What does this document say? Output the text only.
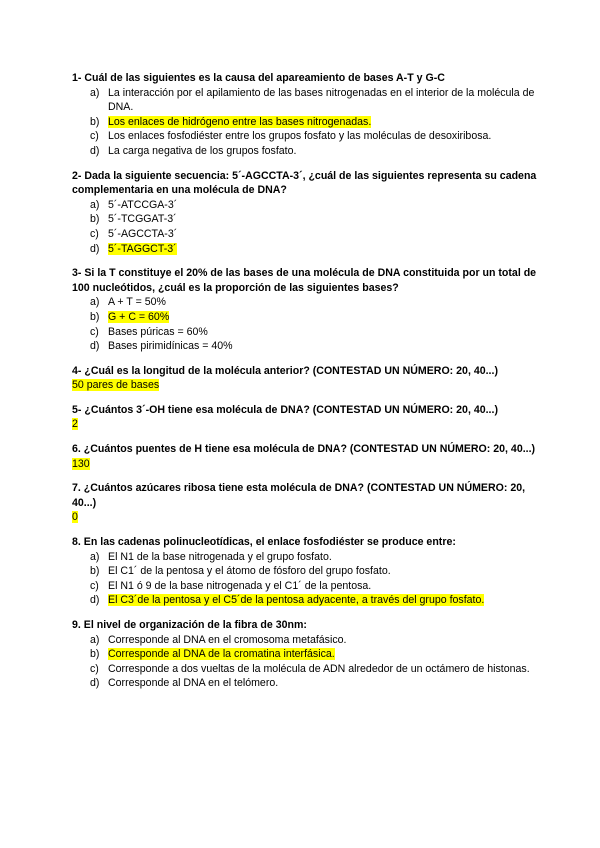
1- Cuál de las siguientes es la causa del apareamiento de bases A-T y G-C

a) La interacción por el apilamiento de las bases nitrogenadas en el interior de la molécula de DNA.
b) Los enlaces de hidrógeno entre las bases nitrogenadas.
c) Los enlaces fosfodiéster entre los grupos fosfato y las moléculas de desoxiribosa.
d) La carga negativa de los grupos fosfato.

2- Dada la siguiente secuencia: 5´-AGCCTA-3´, ¿cuál de las siguientes representa su cadena complementaria en una molécula de DNA?

a) 5´-ATCCGA-3´
b) 5´-TCGGAT-3´
c) 5´-AGCCTA-3´
d) 5´-TAGGCT-3´

3- Si la T constituye el 20% de las bases de una molécula de DNA constituida por un total de 100 nucleótidos, ¿cuál es la proporción de las siguientes bases?

a) A + T = 50%
b) G + C = 60%
c) Bases púricas = 60%
d) Bases pirimidínicas = 40%

4- ¿Cuál es la longitud de la molécula anterior? (CONTESTAD UN NÚMERO: 20, 40...)

50 pares de bases

5- ¿Cuántos 3´-OH tiene esa molécula de DNA? (CONTESTAD UN NÚMERO: 20, 40...)

2

6. ¿Cuántos puentes de H tiene esa molécula de DNA? (CONTESTAD UN NÚMERO: 20, 40...)

130

7. ¿Cuántos azúcares ribosa tiene esta molécula de DNA? (CONTESTAD UN NÚMERO: 20, 40...)

0

8. En las cadenas polinucleotídicas, el enlace fosfodiéster se produce entre:

a) El N1 de la base nitrogenada y el grupo fosfato.
b) El C1´ de la pentosa y el átomo de fósforo del grupo fosfato.
c) El N1 ó 9 de la base nitrogenada y el C1´ de la pentosa.
d) El C3´de la pentosa y el C5´de la pentosa adyacente, a través del grupo fosfato.

9. El nivel de organización de la fibra de 30nm:

a) Corresponde al DNA en el cromosoma metafásico.
b) Corresponde al DNA de la cromatina interfásica.
c) Corresponde a dos vueltas de la molécula de ADN alrededor de un octámero de histonas.
d) Corresponde al DNA en el telómero.
